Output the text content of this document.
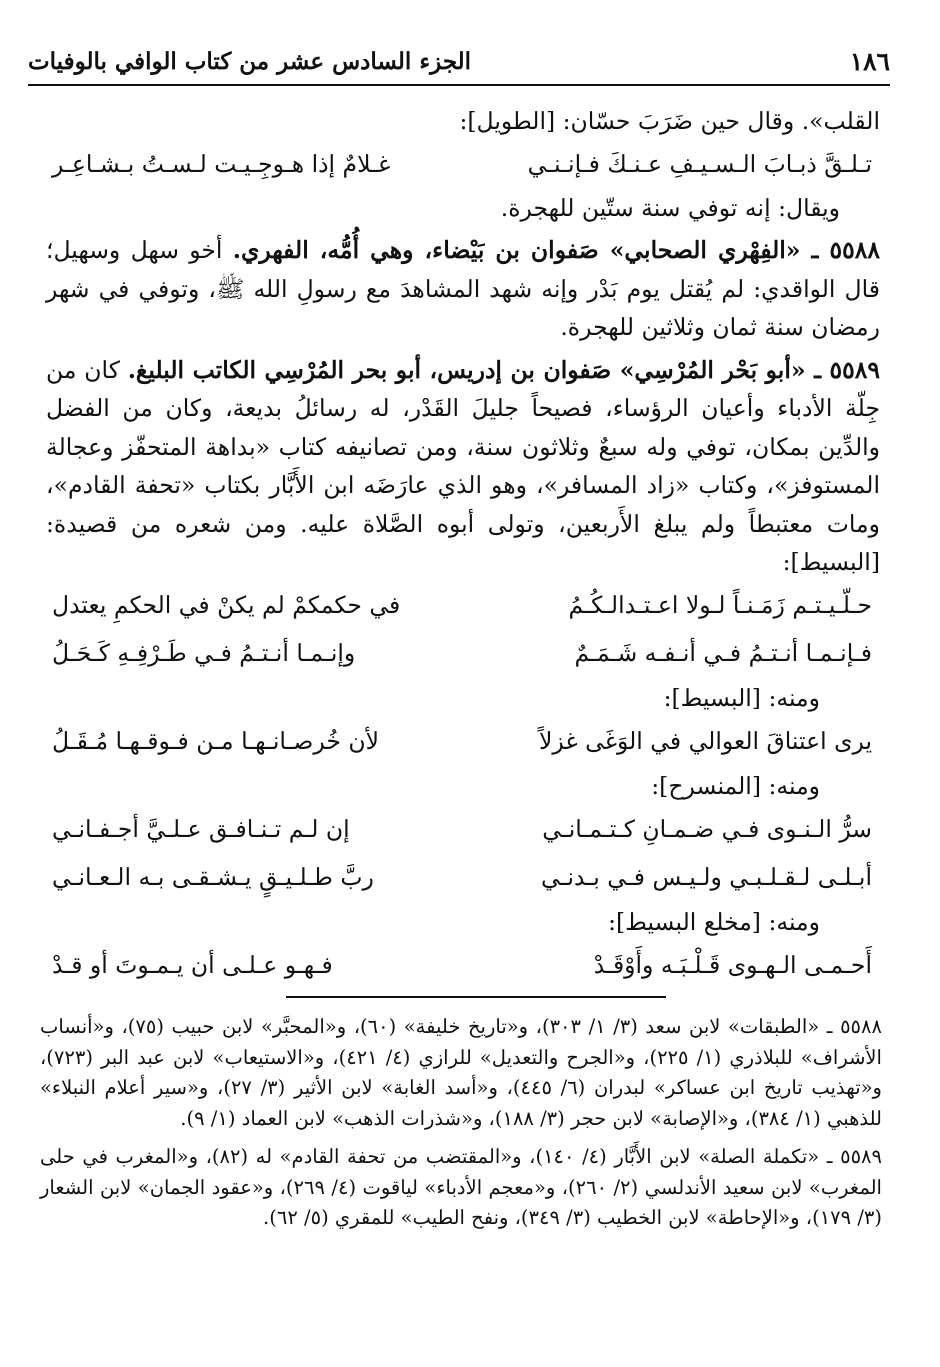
١٨٦
الجزء السادس عشر من كتاب الوافي بالوفيات

القلب». وقال حين ضَرَبَ حسّان: [الطويل]:

تـلـقَّ ذبـابَ الـسـيـفِ عـنـكَ فـإنـنـي
غـلامٌ إذا هـوجِـيـت لـسـتُ بـشـاعِـر

ويقال: إنه توفي سنة ستّين للهجرة.

٥٥٨٨ ـ «الفِهْري الصحابي» صَفوان بن بَيْضاء، وهي أُمُّه، الفهري. أخو سهل وسهيل؛ قال الواقدي: لم يُقتل يوم بَدْر وإنه شهد المشاهدَ مع رسولِ الله ﷺ، وتوفي في شهر رمضان سنة ثمان وثلاثين للهجرة.

٥٥٨٩ ـ «أبو بَحْر المُرْسِي» صَفوان بن إدريس، أبو بحر المُرْسِي الكاتب البليغ. كان من جِلّة الأدباء وأعيان الرؤساء، فصيحاً جليلَ القَدْر، له رسائلُ بديعة، وكان من الفضل والدِّين بمكان، توفي وله سبعٌ وثلاثون سنة، ومن تصانيفه كتاب «بداهة المتحفّز وعجالة المستوفز»، وكتاب «زاد المسافر»، وهو الذي عارَضَه ابن الأَبَّار بكتاب «تحفة القادم»، ومات معتبطاً ولم يبلغ الأَربعين، وتولى أبوه الصَّلاة عليه. ومن شعره من قصيدة: [البسيط]:

حـلّـيـتـم زَمَـنـاً لـولا اعـتـدالـكُـمُ
في حكمكمْ لم يكنْ في الحكمِ يعتدل
فـإنـمـا أنـتـمُ فـي أنـفـه شَـمَـمٌ
وإنـمـا أنـتـمُ فـي طَـرْفِـهِ كَـحَـلُ
ومنه: [البسيط]:
يرى اعتناقَ العوالي في الوَغَى غزلاً
لأن خُرصـانـهـا مـن فـوقـهـا مُـقَـلُ
ومنه: [المنسرح]:
سرُّ الـنـوى فـي ضـمـانِ كـتـمـانـي
إن لـم تـنـافـق عـلـيَّ أجـفـانـي
أبـلـى لـقـلـبـي ولـيـس فـي بـدنـي
ربَّ طـلـيـقٍ يـشـقـى بـه الـعـانـي
ومنه: [مخلع البسيط]:
أَحـمـى الـهـوى قَـلْـبَـه وأَوْقَـدْ
فـهـو عـلـى أن يـمـوتَ أو قـدْ

٥٥٨٨ ـ «الطبقات» لابن سعد (٣/ ١/ ٣٠٣)، و«تاريخ خليفة» (٦٠)، و«المحبَّر» لابن حبيب (٧٥)، و«أنساب الأشراف» للبلاذري (١/ ٢٢٥)، و«الجرح والتعديل» للرازي (٤/ ٤٢١)، و«الاستيعاب» لابن عبد البر (٧٢٣)، و«تهذيب تاريخ ابن عساكر» لبدران (٦/ ٤٤٥)، و«أسد الغابة» لابن الأثير (٣/ ٢٧)، و«سير أعلام النبلاء» للذهبي (١/ ٣٨٤)، و«الإصابة» لابن حجر (٣/ ١٨٨)، و«شذرات الذهب» لابن العماد (١/ ٩).

٥٥٨٩ ـ «تكملة الصلة» لابن الأَبَّار (٤/ ١٤٠)، و«المقتضب من تحفة القادم» له (٨٢)، و«المغرب في حلى المغرب» لابن سعيد الأندلسي (٢/ ٢٦٠)، و«معجم الأدباء» لياقوت (٤/ ٢٦٩)، و«عقود الجمان» لابن الشعار (٣/ ١٧٩)، و«الإحاطة» لابن الخطيب (٣/ ٣٤٩)، ونفح الطيب» للمقري (٥/ ٦٢).
